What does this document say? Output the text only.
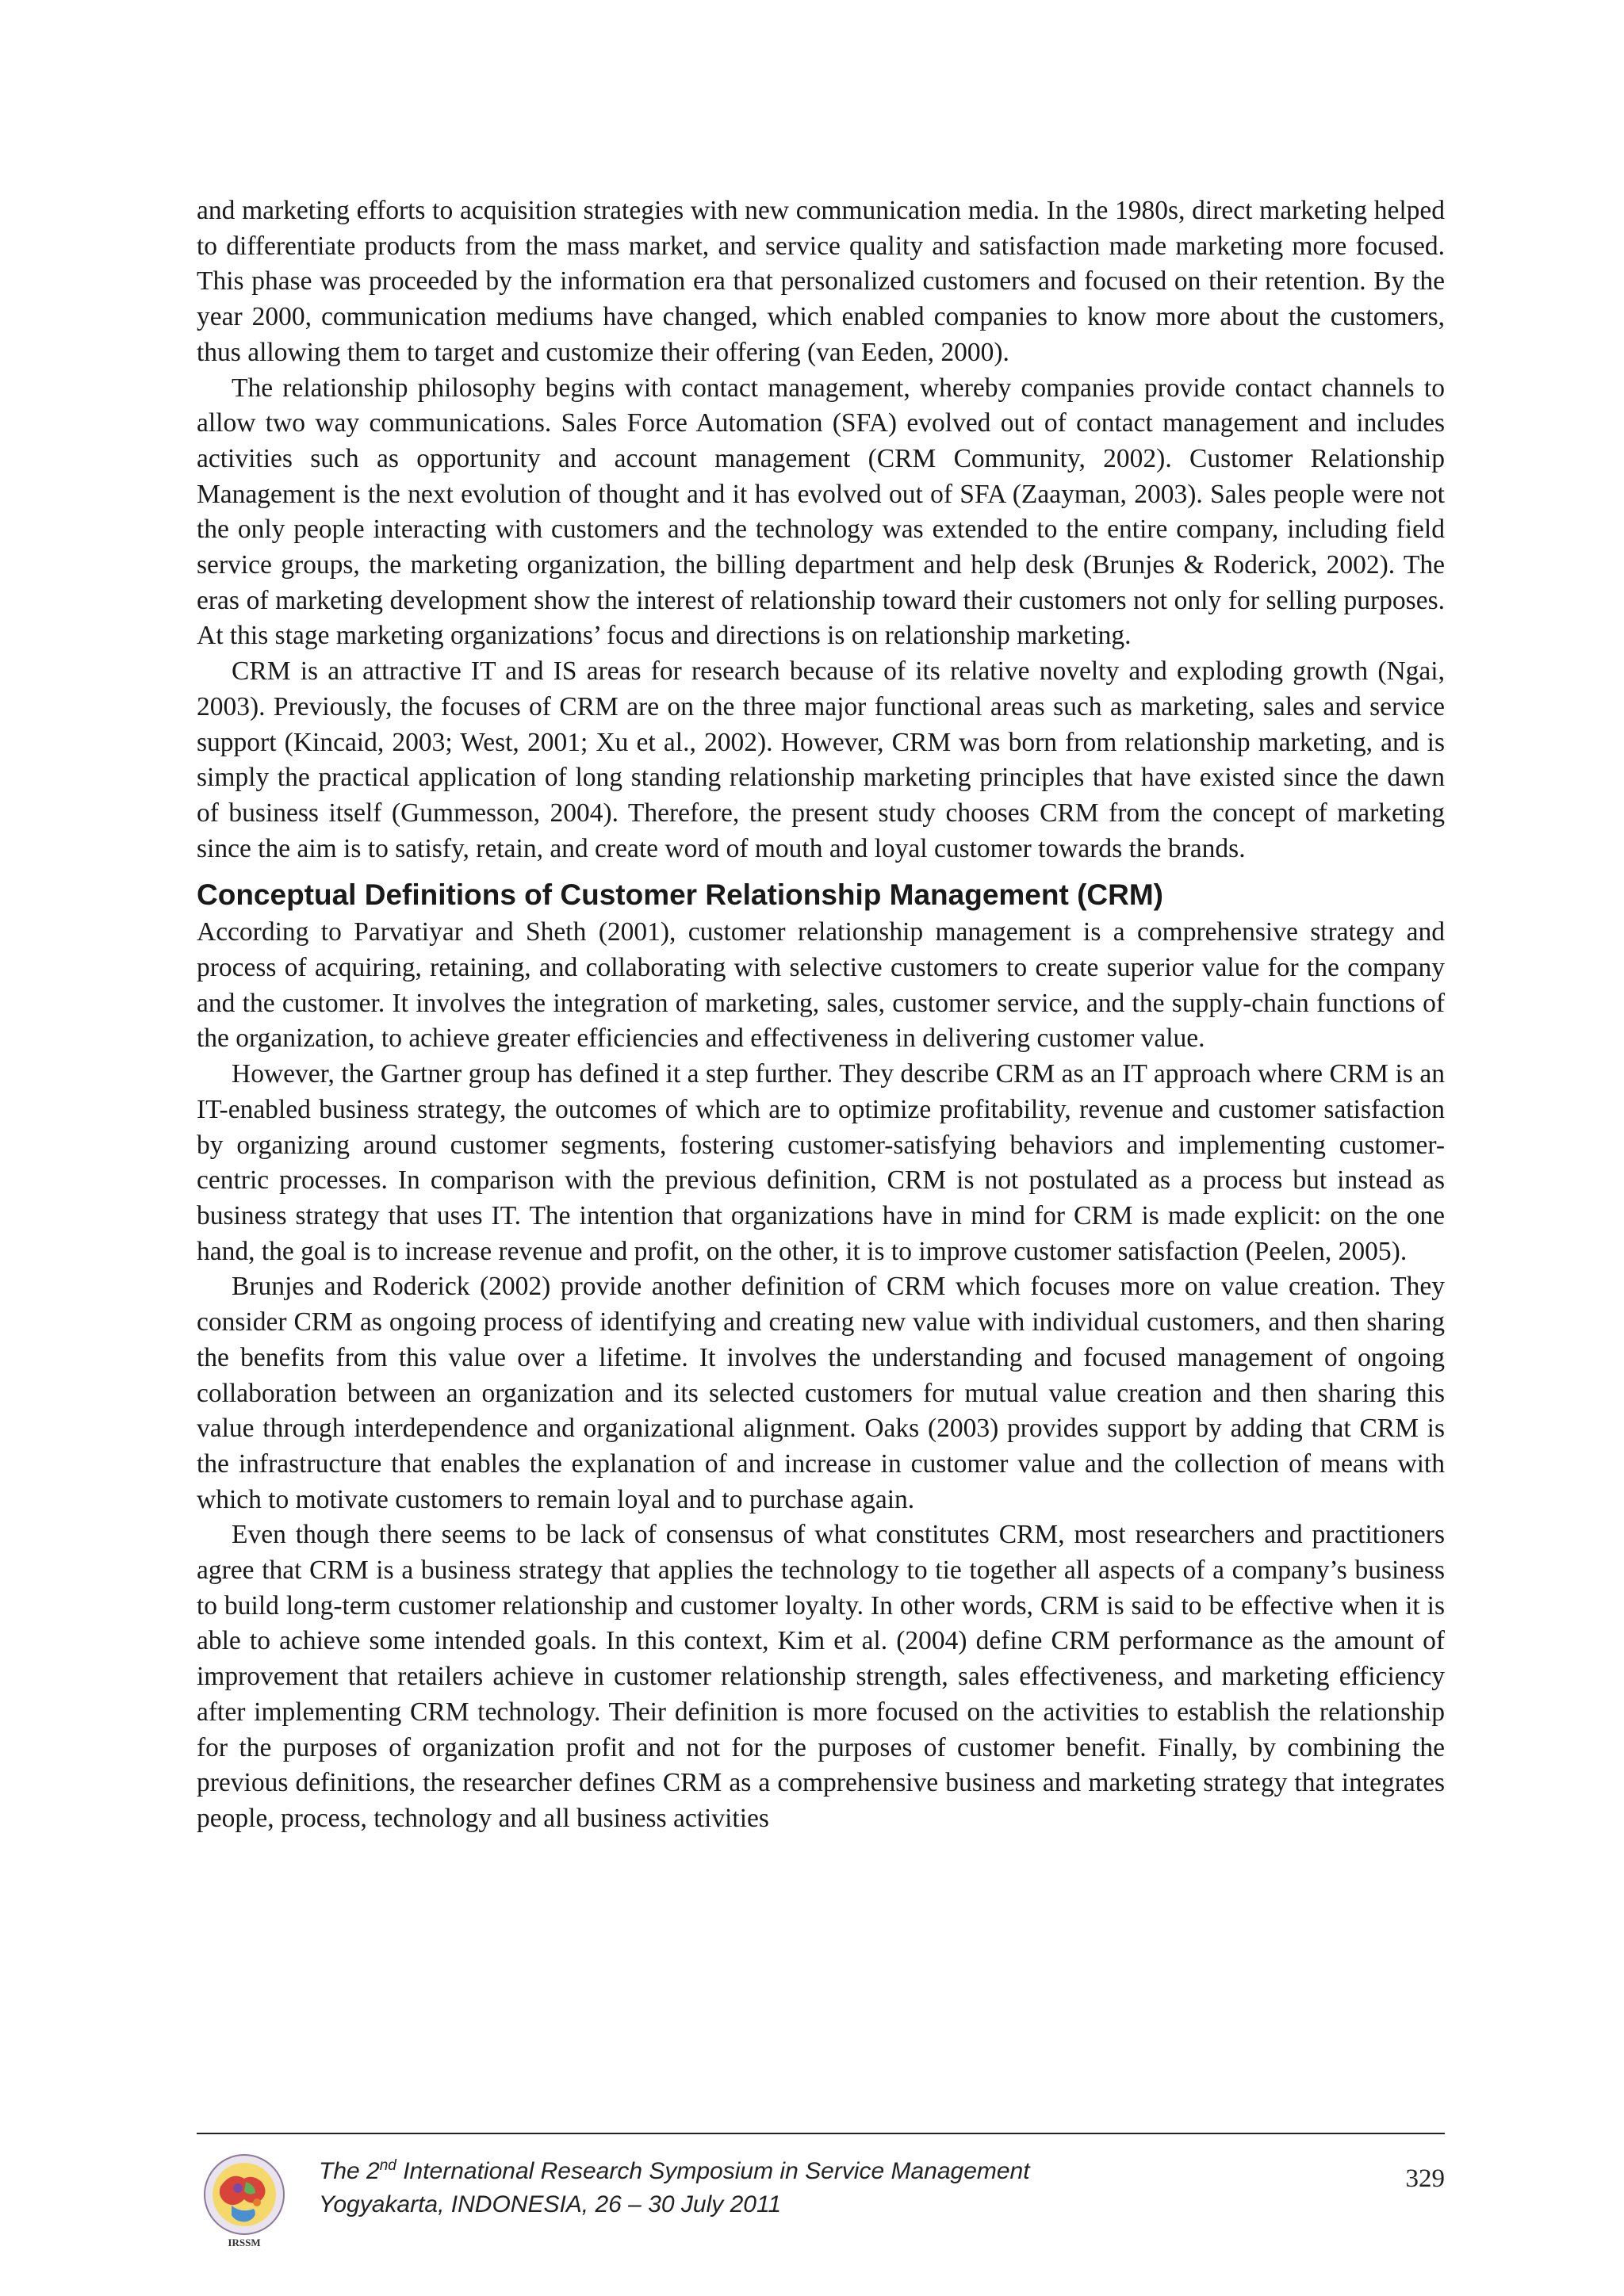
and marketing efforts to acquisition strategies with new communication media. In the 1980s, direct marketing helped to differentiate products from the mass market, and service quality and satisfaction made marketing more focused. This phase was proceeded by the information era that personalized customers and focused on their retention. By the year 2000, communication mediums have changed, which enabled companies to know more about the customers, thus allowing them to target and customize their offering (van Eeden, 2000).

The relationship philosophy begins with contact management, whereby companies provide contact channels to allow two way communications. Sales Force Automation (SFA) evolved out of contact management and includes activities such as opportunity and account management (CRM Community, 2002). Customer Relationship Management is the next evolution of thought and it has evolved out of SFA (Zaayman, 2003). Sales people were not the only people interacting with customers and the technology was extended to the entire company, including field service groups, the marketing organization, the billing department and help desk (Brunjes & Roderick, 2002). The eras of marketing development show the interest of relationship toward their customers not only for selling purposes. At this stage marketing organizations’ focus and directions is on relationship marketing.

CRM is an attractive IT and IS areas for research because of its relative novelty and exploding growth (Ngai, 2003). Previously, the focuses of CRM are on the three major functional areas such as marketing, sales and service support (Kincaid, 2003; West, 2001; Xu et al., 2002). However, CRM was born from relationship marketing, and is simply the practical application of long standing relationship marketing principles that have existed since the dawn of business itself (Gummesson, 2004). Therefore, the present study chooses CRM from the concept of marketing since the aim is to satisfy, retain, and create word of mouth and loyal customer towards the brands.

Conceptual Definitions of Customer Relationship Management (CRM)

According to Parvatiyar and Sheth (2001), customer relationship management is a comprehensive strategy and process of acquiring, retaining, and collaborating with selective customers to create superior value for the company and the customer. It involves the integration of marketing, sales, customer service, and the supply-chain functions of the organization, to achieve greater efficiencies and effectiveness in delivering customer value.

However, the Gartner group has defined it a step further. They describe CRM as an IT approach where CRM is an IT-enabled business strategy, the outcomes of which are to optimize profitability, revenue and customer satisfaction by organizing around customer segments, fostering customer-satisfying behaviors and implementing customer-centric processes. In comparison with the previous definition, CRM is not postulated as a process but instead as business strategy that uses IT. The intention that organizations have in mind for CRM is made explicit: on the one hand, the goal is to increase revenue and profit, on the other, it is to improve customer satisfaction (Peelen, 2005).

Brunjes and Roderick (2002) provide another definition of CRM which focuses more on value creation. They consider CRM as ongoing process of identifying and creating new value with individual customers, and then sharing the benefits from this value over a lifetime. It involves the understanding and focused management of ongoing collaboration between an organization and its selected customers for mutual value creation and then sharing this value through interdependence and organizational alignment. Oaks (2003) provides support by adding that CRM is the infrastructure that enables the explanation of and increase in customer value and the collection of means with which to motivate customers to remain loyal and to purchase again.

Even though there seems to be lack of consensus of what constitutes CRM, most researchers and practitioners agree that CRM is a business strategy that applies the technology to tie together all aspects of a company’s business to build long-term customer relationship and customer loyalty. In other words, CRM is said to be effective when it is able to achieve some intended goals. In this context, Kim et al. (2004) define CRM performance as the amount of improvement that retailers achieve in customer relationship strength, sales effectiveness, and marketing efficiency after implementing CRM technology. Their definition is more focused on the activities to establish the relationship for the purposes of organization profit and not for the purposes of customer benefit. Finally, by combining the previous definitions, the researcher defines CRM as a comprehensive business and marketing strategy that integrates people, process, technology and all business activities

IRSSM
The 2nd International Research Symposium in Service Management
Yogyakarta, INDONESIA, 26 – 30 July 2011
329
